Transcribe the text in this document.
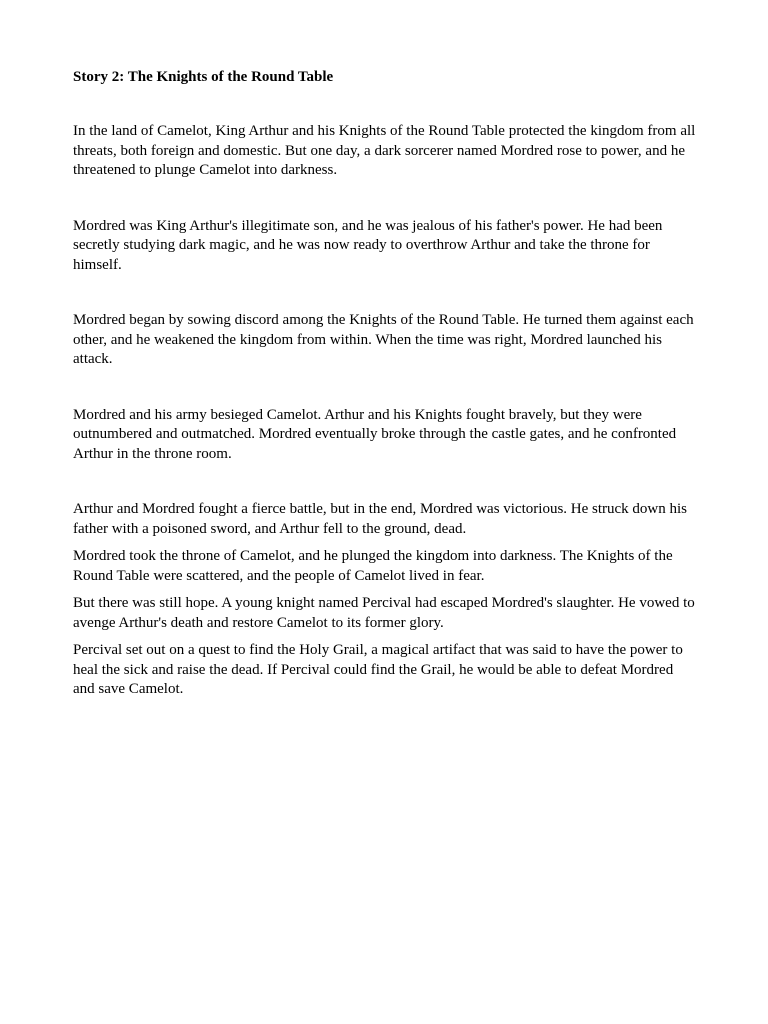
Story 2: The Knights of the Round Table

In the land of Camelot, King Arthur and his Knights of the Round Table protected the kingdom from all threats, both foreign and domestic. But one day, a dark sorcerer named Mordred rose to power, and he threatened to plunge Camelot into darkness.

Mordred was King Arthur's illegitimate son, and he was jealous of his father's power. He had been secretly studying dark magic, and he was now ready to overthrow Arthur and take the throne for himself.

Mordred began by sowing discord among the Knights of the Round Table. He turned them against each other, and he weakened the kingdom from within. When the time was right, Mordred launched his attack.

Mordred and his army besieged Camelot. Arthur and his Knights fought bravely, but they were outnumbered and outmatched. Mordred eventually broke through the castle gates, and he confronted Arthur in the throne room.

Arthur and Mordred fought a fierce battle, but in the end, Mordred was victorious. He struck down his father with a poisoned sword, and Arthur fell to the ground, dead.

Mordred took the throne of Camelot, and he plunged the kingdom into darkness. The Knights of the Round Table were scattered, and the people of Camelot lived in fear.

But there was still hope. A young knight named Percival had escaped Mordred's slaughter. He vowed to avenge Arthur's death and restore Camelot to its former glory.

Percival set out on a quest to find the Holy Grail, a magical artifact that was said to have the power to heal the sick and raise the dead. If Percival could find the Grail, he would be able to defeat Mordred and save Camelot.
